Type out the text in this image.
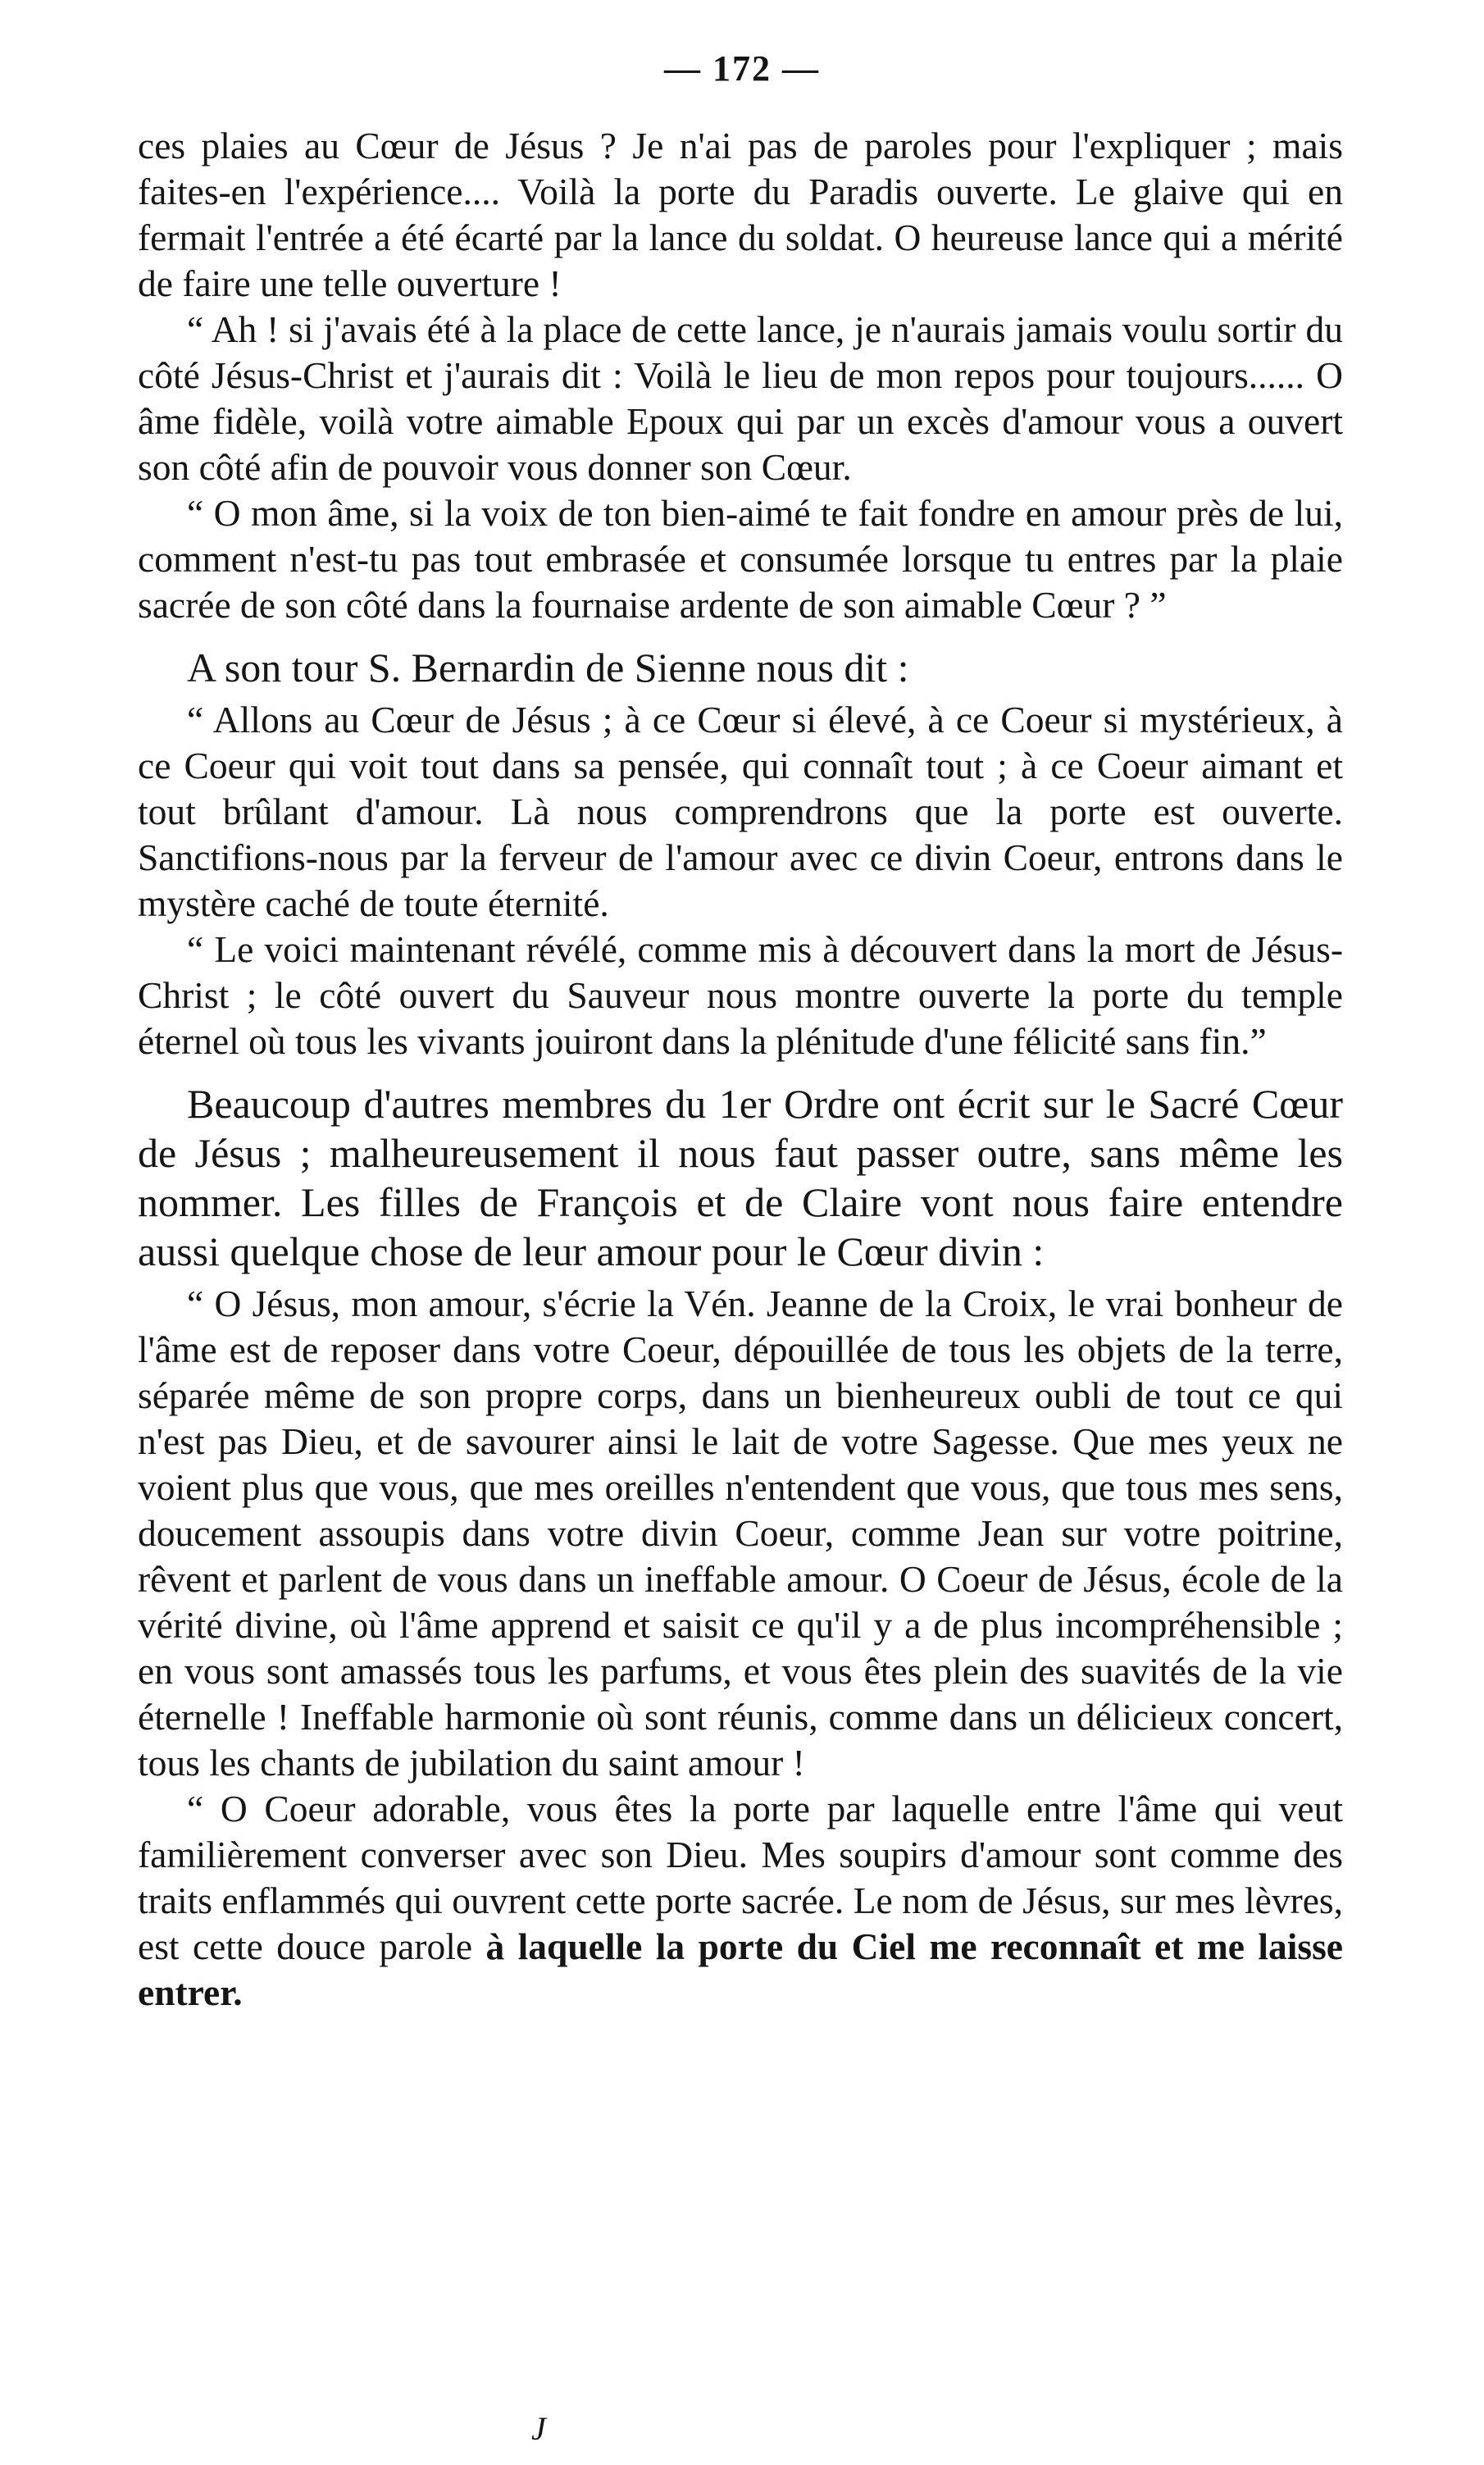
— 172 —

ces plaies au Cœur de Jésus ? Je n'ai pas de paroles pour l'expliquer ; mais faites-en l'expérience.... Voilà la porte du Paradis ouverte. Le glaive qui en fermait l'entrée a été écarté par la lance du soldat. O heureuse lance qui a mérité de faire une telle ouverture !

“ Ah ! si j'avais été à la place de cette lance, je n'aurais jamais voulu sortir du côté Jésus-Christ et j'aurais dit : Voilà le lieu de mon repos pour toujours...... O âme fidèle, voilà votre aimable Epoux qui par un excès d'amour vous a ouvert son côté afin de pouvoir vous donner son Cœur.

“ O mon âme, si la voix de ton bien-aimé te fait fondre en amour près de lui, comment n'est-tu pas tout embrasée et consumée lorsque tu entres par la plaie sacrée de son côté dans la fournaise ardente de son aimable Cœur ? ”

A son tour S. Bernardin de Sienne nous dit :

“ Allons au Cœur de Jésus ; à ce Cœur si élevé, à ce Coeur si mystérieux, à ce Coeur qui voit tout dans sa pensée, qui connaît tout ; à ce Coeur aimant et tout brûlant d'amour. Là nous comprendrons que la porte est ouverte. Sanctifions-nous par la ferveur de l'amour avec ce divin Coeur, entrons dans le mystère caché de toute éternité.

“ Le voici maintenant révélé, comme mis à découvert dans la mort de Jésus-Christ ; le côté ouvert du Sauveur nous montre ouverte la porte du temple éternel où tous les vivants jouiront dans la plénitude d'une félicité sans fin.”

Beaucoup d'autres membres du 1er Ordre ont écrit sur le Sacré Cœur de Jésus ; malheureusement il nous faut passer outre, sans même les nommer. Les filles de François et de Claire vont nous faire entendre aussi quelque chose de leur amour pour le Cœur divin :

“ O Jésus, mon amour, s'écrie la Vén. Jeanne de la Croix, le vrai bonheur de l'âme est de reposer dans votre Coeur, dépouillée de tous les objets de la terre, séparée même de son propre corps, dans un bienheureux oubli de tout ce qui n'est pas Dieu, et de savourer ainsi le lait de votre Sagesse. Que mes yeux ne voient plus que vous, que mes oreilles n'entendent que vous, que tous mes sens, doucement assoupis dans votre divin Coeur, comme Jean sur votre poitrine, rêvent et parlent de vous dans un ineffable amour. O Coeur de Jésus, école de la vérité divine, où l'âme apprend et saisit ce qu'il y a de plus incompréhensible ; en vous sont amassés tous les parfums, et vous êtes plein des suavités de la vie éternelle ! Ineffable harmonie où sont réunis, comme dans un délicieux concert, tous les chants de jubilation du saint amour !

“ O Coeur adorable, vous êtes la porte par laquelle entre l'âme qui veut familièrement converser avec son Dieu. Mes soupirs d'amour sont comme des traits enflammés qui ouvrent cette porte sacrée. Le nom de Jésus, sur mes lèvres, est cette douce parole à laquelle la porte du Ciel me reconnaît et me laisse entrer.

J
